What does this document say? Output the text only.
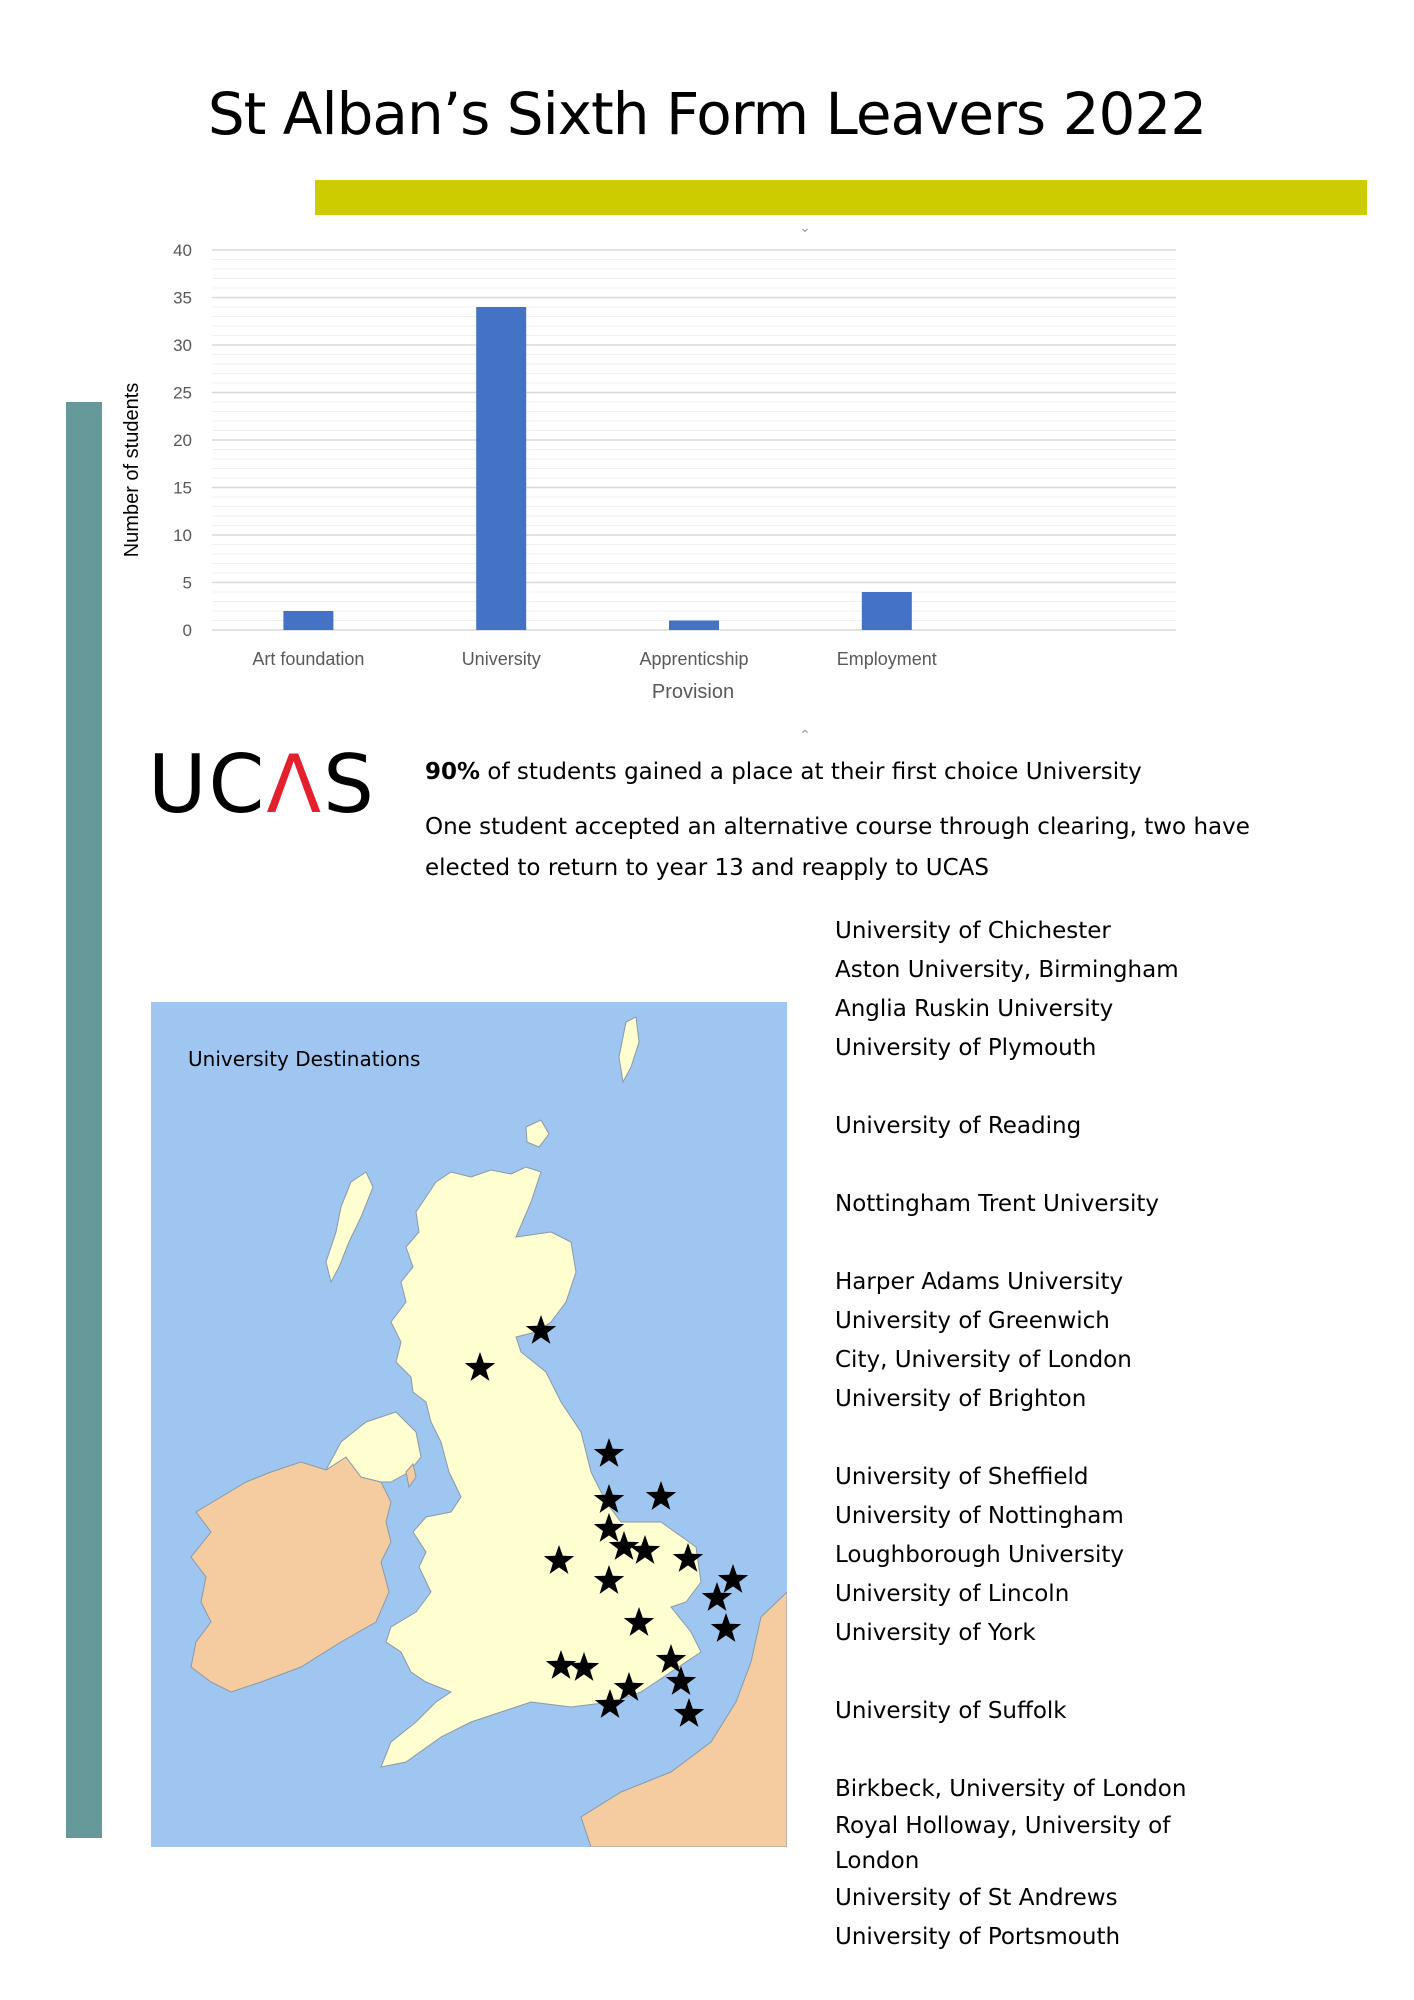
St Alban’s Sixth Form Leavers 2022
⌄
⌃
0
5
10
15
20
25
30
35
40
Art foundation	University	Apprenticship	Employment
Number of students
Provision
UCΛS 90% of students gained a place at their first choice University

One student accepted an alternative course through clearing, two have elected to return to year 13 and reapply to UCAS

University Destinations
University of Chichester
Aston University, Birmingham
Anglia Ruskin University
University of Plymouth
University of Reading
Nottingham Trent University
Harper Adams University
University of Greenwich
City, University of London
University of Brighton
University of Sheffield
University of Nottingham
Loughborough University
University of Lincoln
University of York
University of Suffolk
Birkbeck, University of London
Royal Holloway, University of London
University of St Andrews
University of Portsmouth
